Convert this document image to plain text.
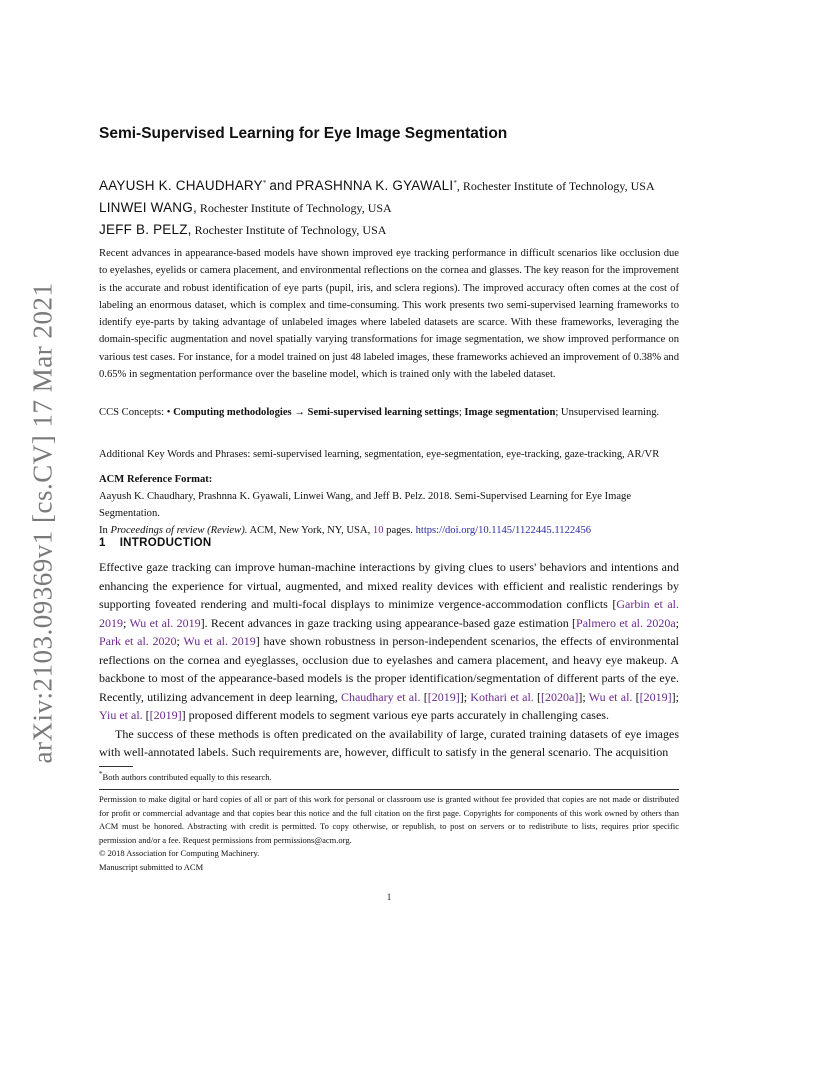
arXiv:2103.09369v1 [cs.CV] 17 Mar 2021
Semi-Supervised Learning for Eye Image Segmentation
AAYUSH K. CHAUDHARY* and PRASHNNA K. GYAWALI*, Rochester Institute of Technology, USA
LINWEI WANG, Rochester Institute of Technology, USA
JEFF B. PELZ, Rochester Institute of Technology, USA
Recent advances in appearance-based models have shown improved eye tracking performance in difficult scenarios like occlusion due to eyelashes, eyelids or camera placement, and environmental reflections on the cornea and glasses. The key reason for the improvement is the accurate and robust identification of eye parts (pupil, iris, and sclera regions). The improved accuracy often comes at the cost of labeling an enormous dataset, which is complex and time-consuming. This work presents two semi-supervised learning frameworks to identify eye-parts by taking advantage of unlabeled images where labeled datasets are scarce. With these frameworks, leveraging the domain-specific augmentation and novel spatially varying transformations for image segmentation, we show improved performance on various test cases. For instance, for a model trained on just 48 labeled images, these frameworks achieved an improvement of 0.38% and 0.65% in segmentation performance over the baseline model, which is trained only with the labeled dataset.
CCS Concepts: • Computing methodologies → Semi-supervised learning settings; Image segmentation; Unsupervised learning.
Additional Key Words and Phrases: semi-supervised learning, segmentation, eye-segmentation, eye-tracking, gaze-tracking, AR/VR
ACM Reference Format:
Aayush K. Chaudhary, Prashnna K. Gyawali, Linwei Wang, and Jeff B. Pelz. 2018. Semi-Supervised Learning for Eye Image Segmentation.
In Proceedings of review (Review). ACM, New York, NY, USA, 10 pages. https://doi.org/10.1145/1122445.1122456
1 INTRODUCTION

Effective gaze tracking can improve human-machine interactions by giving clues to users' behaviors and intentions and enhancing the experience for virtual, augmented, and mixed reality devices with efficient and realistic renderings by supporting foveated rendering and multi-focal displays to minimize vergence-accommodation conflicts [Garbin et al. 2019; Wu et al. 2019]. Recent advances in gaze tracking using appearance-based gaze estimation [Palmero et al. 2020a; Park et al. 2020; Wu et al. 2019] have shown robustness in person-independent scenarios, the effects of environmental reflections on the cornea and eyeglasses, occlusion due to eyelashes and camera placement, and heavy eye makeup. A backbone to most of the appearance-based models is the proper identification/segmentation of different parts of the eye. Recently, utilizing advancement in deep learning, Chaudhary et al. [[2019]]; Kothari et al. [[2020a]]; Wu et al. [[2019]]; Yiu et al. [[2019]] proposed different models to segment various eye parts accurately in challenging cases.

The success of these methods is often predicated on the availability of large, curated training datasets of eye images with well-annotated labels. Such requirements are, however, difficult to satisfy in the general scenario. The acquisition

*Both authors contributed equally to this research.
Permission to make digital or hard copies of all or part of this work for personal or classroom use is granted without fee provided that copies are not made or distributed for profit or commercial advantage and that copies bear this notice and the full citation on the first page. Copyrights for components of this work owned by others than ACM must be honored. Abstracting with credit is permitted. To copy otherwise, or republish, to post on servers or to redistribute to lists, requires prior specific permission and/or a fee. Request permissions from permissions@acm.org.
© 2018 Association for Computing Machinery.
Manuscript submitted to ACM
1
